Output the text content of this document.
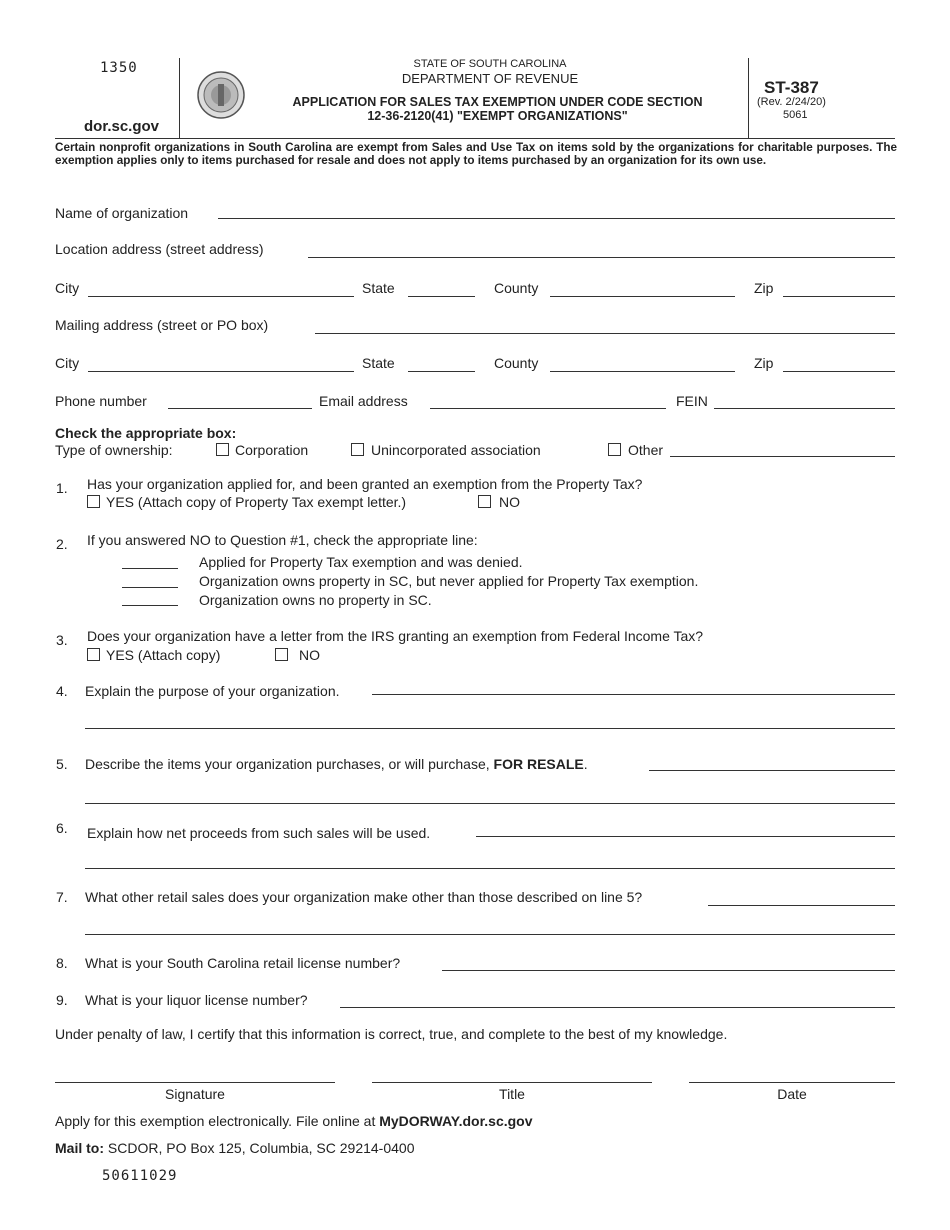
1350
dor.sc.gov
STATE OF SOUTH CAROLINA
DEPARTMENT OF REVENUE
APPLICATION FOR SALES TAX EXEMPTION UNDER CODE SECTION
12-36-2120(41) "EXEMPT ORGANIZATIONS"
ST-387
(Rev. 2/24/20)
5061
Certain nonprofit organizations in South Carolina are exempt from Sales and Use Tax on items sold by the organizations for charitable purposes. The exemption applies only to items purchased for resale and does not apply to items purchased by an organization for its own use.
Name of organization
Location address (street address)
City	State	County	Zip
Mailing address (street or PO box)
City	State	County	Zip
Phone number	Email address	FEIN
Check the appropriate box:
Type of ownership:	Corporation	Unincorporated association	Other
1. Has your organization applied for, and been granted an exemption from the Property Tax?
YES (Attach copy of Property Tax exempt letter.)	NO
2. If you answered NO to Question #1, check the appropriate line:
Applied for Property Tax exemption and was denied.
Organization owns property in SC, but never applied for Property Tax exemption.
Organization owns no property in SC.
3. Does your organization have a letter from the IRS granting an exemption from Federal Income Tax?
YES (Attach copy)	NO
4. Explain the purpose of your organization.
5. Describe the items your organization purchases, or will purchase, FOR RESALE.
6. Explain how net proceeds from such sales will be used.
7. What other retail sales does your organization make other than those described on line 5?
8. What is your South Carolina retail license number?
9. What is your liquor license number?
Under penalty of law, I certify that this information is correct, true, and complete to the best of my knowledge.
Signature	Title	Date
Apply for this exemption electronically. File online at MyDORWAY.dor.sc.gov
Mail to: SCDOR, PO Box 125, Columbia, SC 29214-0400
50611029
